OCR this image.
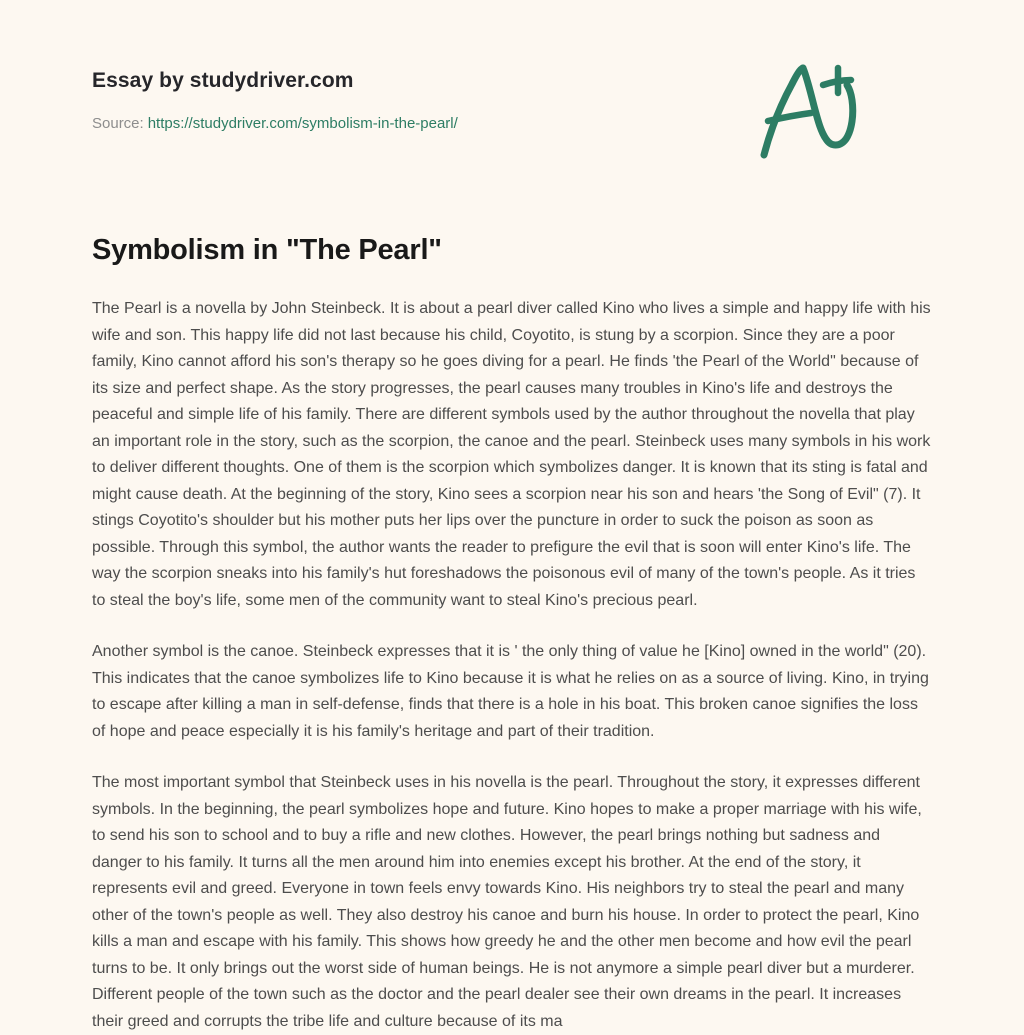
Essay by studydriver.com
Source: https://studydriver.com/symbolism-in-the-pearl/
Symbolism in "The Pearl"

The Pearl is a novella by John Steinbeck. It is about a pearl diver called Kino who lives a simple and happy life with his wife and son. This happy life did not last because his child, Coyotito, is stung by a scorpion. Since they are a poor family, Kino cannot afford his son's therapy so he goes diving for a pearl. He finds 'the Pearl of the World" because of its size and perfect shape. As the story progresses, the pearl causes many troubles in Kino's life and destroys the peaceful and simple life of his family. There are different symbols used by the author throughout the novella that play an important role in the story, such as the scorpion, the canoe and the pearl. Steinbeck uses many symbols in his work to deliver different thoughts. One of them is the scorpion which symbolizes danger. It is known that its sting is fatal and might cause death. At the beginning of the story, Kino sees a scorpion near his son and hears 'the Song of Evil" (7). It stings Coyotito's shoulder but his mother puts her lips over the puncture in order to suck the poison as soon as possible. Through this symbol, the author wants the reader to prefigure the evil that is soon will enter Kino's life. The way the scorpion sneaks into his family's hut foreshadows the poisonous evil of many of the town's people. As it tries to steal the boy's life, some men of the community want to steal Kino's precious pearl.

Another symbol is the canoe. Steinbeck expresses that it is ' the only thing of value he [Kino] owned in the world" (20). This indicates that the canoe symbolizes life to Kino because it is what he relies on as a source of living. Kino, in trying to escape after killing a man in self-defense, finds that there is a hole in his boat. This broken canoe signifies the loss of hope and peace especially it is his family's heritage and part of their tradition.

The most important symbol that Steinbeck uses in his novella is the pearl. Throughout the story, it expresses different symbols. In the beginning, the pearl symbolizes hope and future. Kino hopes to make a proper marriage with his wife, to send his son to school and to buy a rifle and new clothes. However, the pearl brings nothing but sadness and danger to his family. It turns all the men around him into enemies except his brother. At the end of the story, it represents evil and greed. Everyone in town feels envy towards Kino. His neighbors try to steal the pearl and many other of the town's people as well. They also destroy his canoe and burn his house. In order to protect the pearl, Kino kills a man and escape with his family. This shows how greedy he and the other men become and how evil the pearl turns to be. It only brings out the worst side of human beings. He is not anymore a simple pearl diver but a murderer. Different people of the town such as the doctor and the pearl dealer see their own dreams in the pearl. It increases their greed and corrupts the tribe life and culture because of its ma
